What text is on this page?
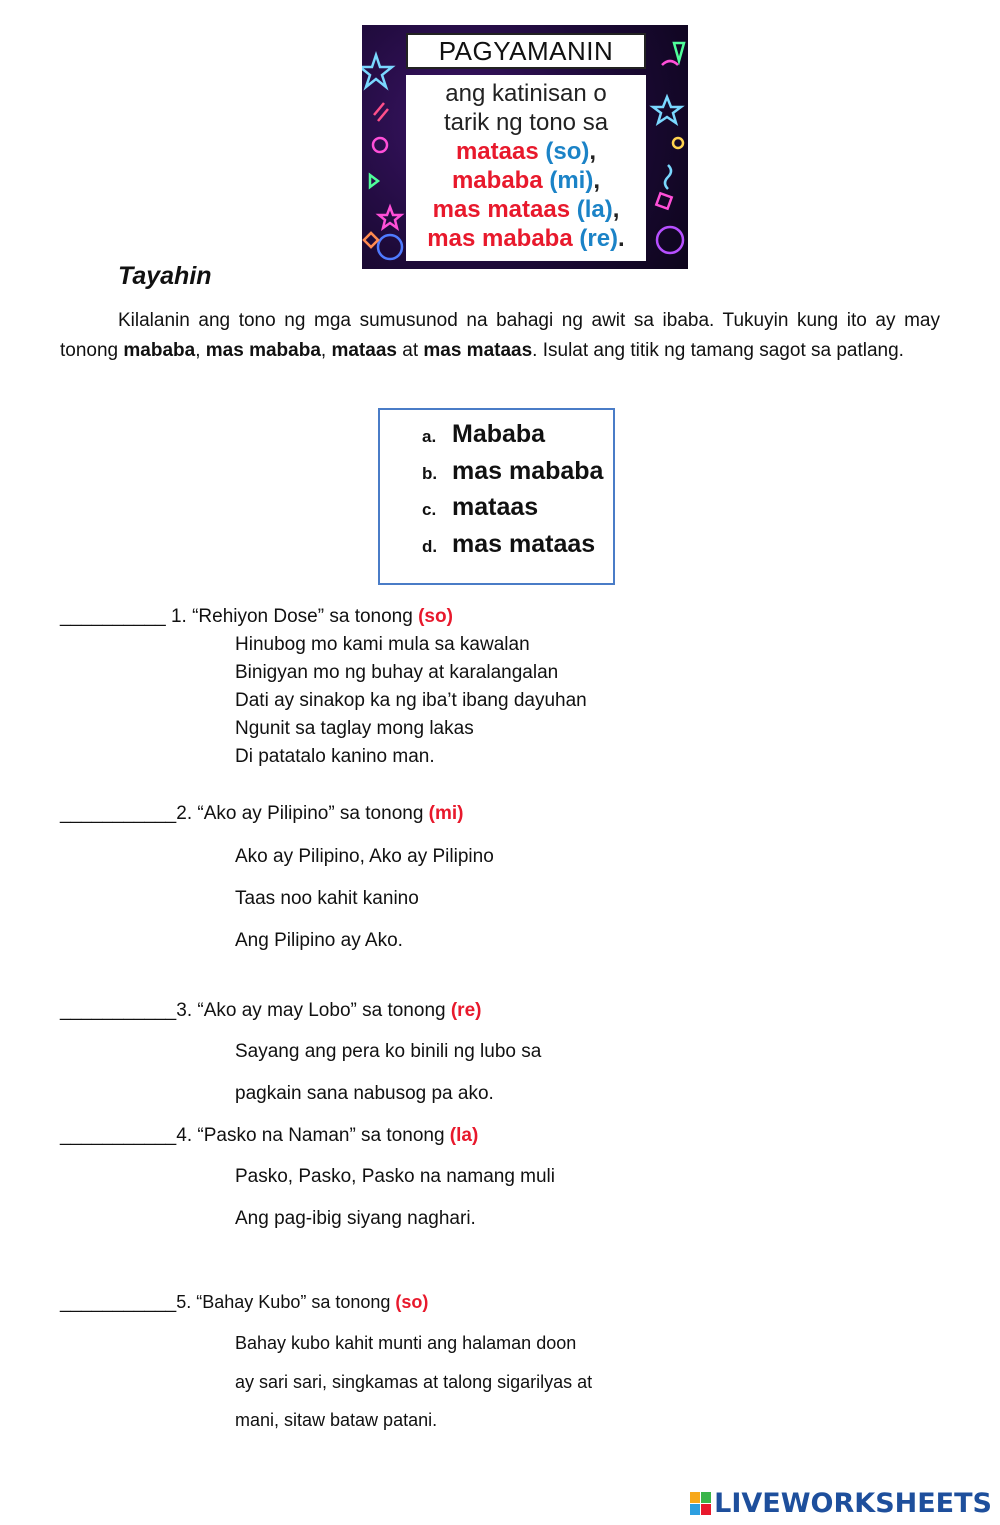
PAGYAMANIN
ang katinisan o
tarik ng tono sa
mataas (so),
mababa (mi),
mas mataas (la),
mas mababa (re).
Tayahin
Kilalanin ang tono ng mga sumusunod na bahagi ng awit sa ibaba. Tukuyin kung ito ay may tonong mababa, mas mababa, mataas at mas mataas. Isulat ang titik ng tamang sagot sa patlang.
a. Mababa
b. mas mababa
c. mataas
d. mas mataas
__________ 1. “Rehiyon Dose” sa tonong (so)
Hinubog mo kami mula sa kawalan
Binigyan mo ng buhay at karalangalan
Dati ay sinakop ka ng iba’t ibang dayuhan
Ngunit sa taglay mong lakas
Di patatalo kanino man.
___________2. “Ako ay Pilipino” sa tonong (mi)
Ako ay Pilipino, Ako ay Pilipino
Taas noo kahit kanino
Ang Pilipino ay Ako.
___________3. “Ako ay may Lobo” sa tonong (re)
Sayang ang pera ko binili ng lubo sa
pagkain sana nabusog pa ako.
___________4. “Pasko na Naman” sa tonong (la)
Pasko, Pasko, Pasko na namang muli
Ang pag-ibig siyang naghari.
___________5. “Bahay Kubo” sa tonong (so)
Bahay kubo kahit munti ang halaman doon
ay sari sari, singkamas at talong sigarilyas at
mani, sitaw bataw patani.
LIVEWORKSHEETS
